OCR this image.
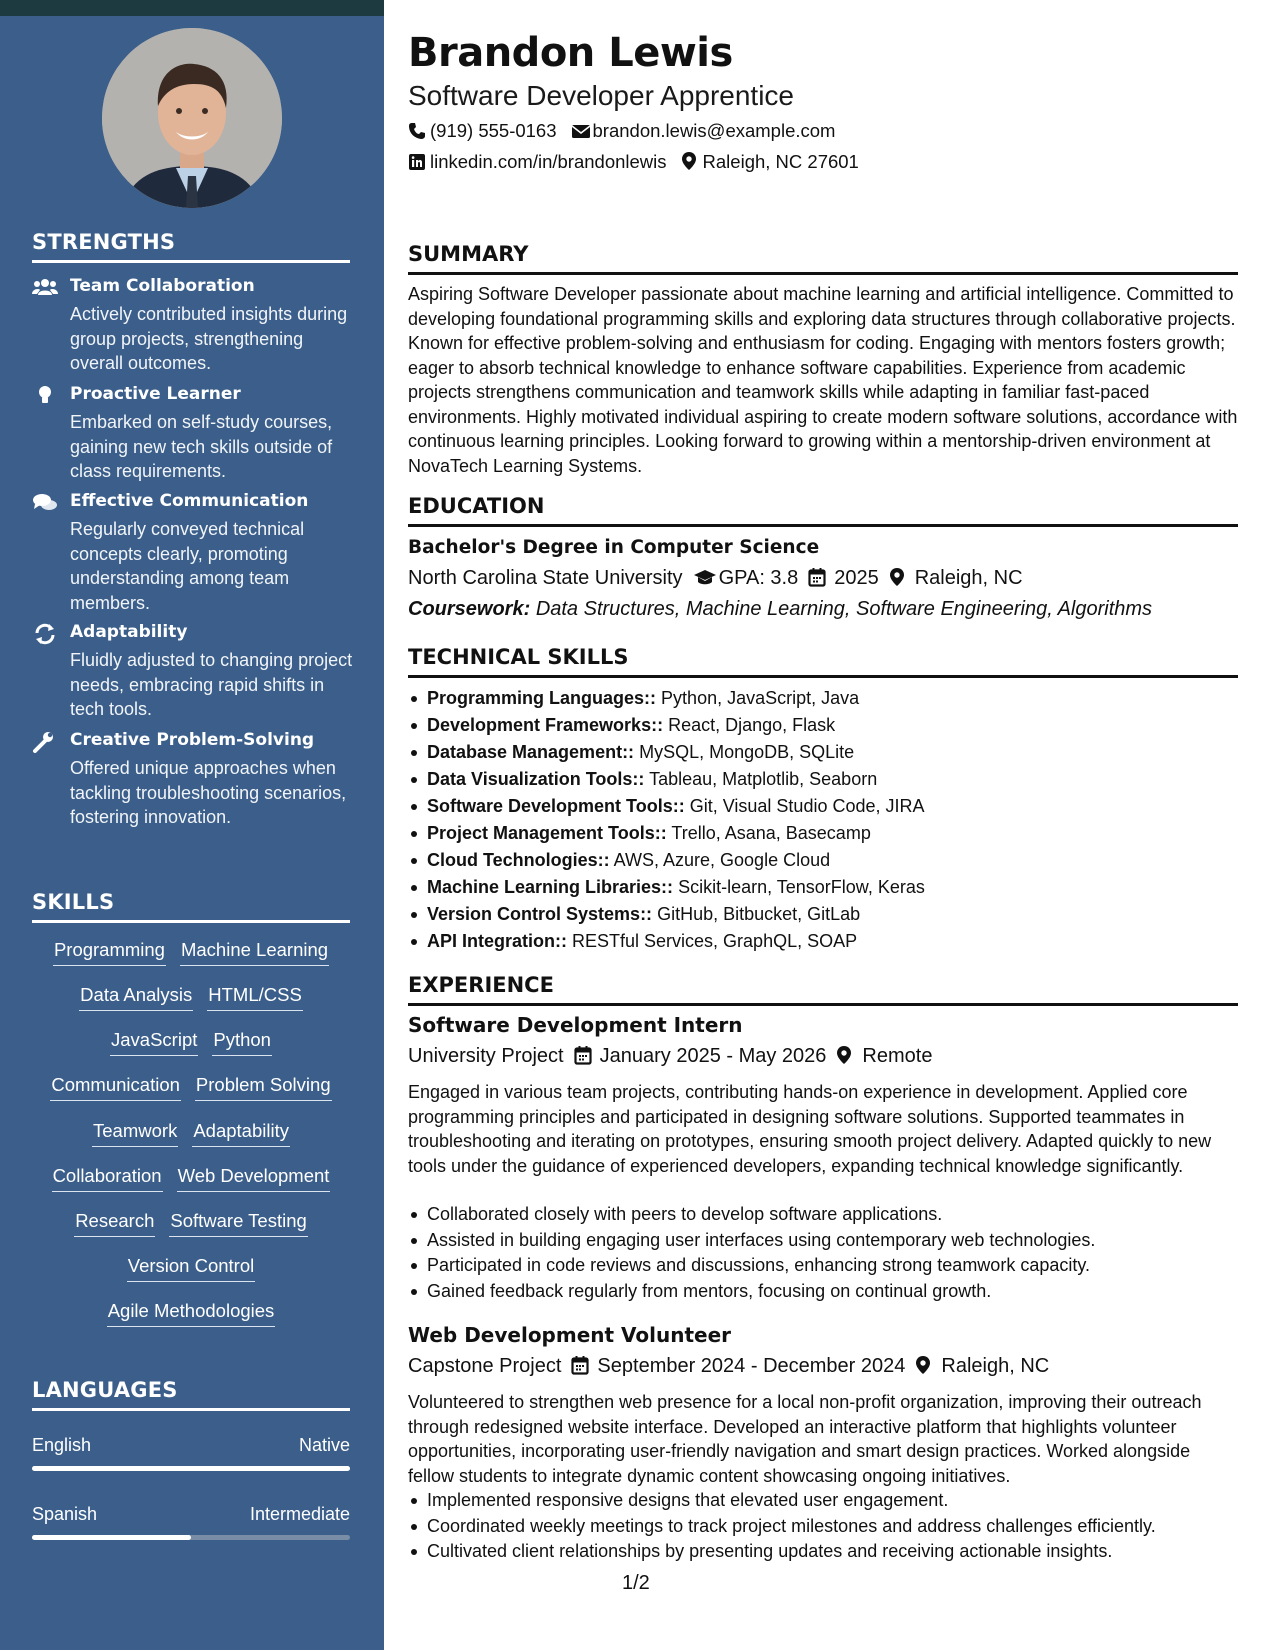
STRENGTHS
Team Collaboration
Actively contributed insights during group projects, strengthening overall outcomes.
Proactive Learner
Embarked on self-study courses, gaining new tech skills outside of class requirements.
Effective Communication
Regularly conveyed technical concepts clearly, promoting understanding among team members.
Adaptability
Fluidly adjusted to changing project needs, embracing rapid shifts in tech tools.
Creative Problem-Solving
Offered unique approaches when tackling troubleshooting scenarios, fostering innovation.
SKILLS
Programming Machine Learning
Data Analysis HTML/CSS
JavaScript Python
Communication Problem Solving
Teamwork Adaptability
Collaboration Web Development
Research Software Testing
Version Control
Agile Methodologies
LANGUAGES
English	Native
Spanish	Intermediate
Brandon Lewis
Software Developer Apprentice
(919) 555-0163 brandon.lewis@example.com
linkedin.com/in/brandonlewis Raleigh, NC 27601
SUMMARY
Aspiring Software Developer passionate about machine learning and artificial intelligence. Committed to developing foundational programming skills and exploring data structures through collaborative projects. Known for effective problem-solving and enthusiasm for coding. Engaging with mentors fosters growth; eager to absorb technical knowledge to enhance software capabilities. Experience from academic projects strengthens communication and teamwork skills while adapting in familiar fast-paced environments. Highly motivated individual aspiring to create modern software solutions, accordance with continuous learning principles. Looking forward to growing within a mentorship-driven environment at NovaTech Learning Systems.
EDUCATION
Bachelor's Degree in Computer Science
North Carolina State University GPA: 3.8 2025 Raleigh, NC
Coursework: Data Structures, Machine Learning, Software Engineering, Algorithms
TECHNICAL SKILLS
Programming Languages:: Python, JavaScript, Java
Development Frameworks:: React, Django, Flask
Database Management:: MySQL, MongoDB, SQLite
Data Visualization Tools:: Tableau, Matplotlib, Seaborn
Software Development Tools:: Git, Visual Studio Code, JIRA
Project Management Tools:: Trello, Asana, Basecamp
Cloud Technologies:: AWS, Azure, Google Cloud
Machine Learning Libraries:: Scikit-learn, TensorFlow, Keras
Version Control Systems:: GitHub, Bitbucket, GitLab
API Integration:: RESTful Services, GraphQL, SOAP
EXPERIENCE
Software Development Intern
University Project January 2025 - May 2026 Remote
Engaged in various team projects, contributing hands-on experience in development. Applied core programming principles and participated in designing software solutions. Supported teammates in troubleshooting and iterating on prototypes, ensuring smooth project delivery. Adapted quickly to new tools under the guidance of experienced developers, expanding technical knowledge significantly.
Collaborated closely with peers to develop software applications.
Assisted in building engaging user interfaces using contemporary web technologies.
Participated in code reviews and discussions, enhancing strong teamwork capacity.
Gained feedback regularly from mentors, focusing on continual growth.
Web Development Volunteer
Capstone Project September 2024 - December 2024 Raleigh, NC
Volunteered to strengthen web presence for a local non-profit organization, improving their outreach through redesigned website interface. Developed an interactive platform that highlights volunteer opportunities, incorporating user-friendly navigation and smart design practices. Worked alongside fellow students to integrate dynamic content showcasing ongoing initiatives.
Implemented responsive designs that elevated user engagement.
Coordinated weekly meetings to track project milestones and address challenges efficiently.
Cultivated client relationships by presenting updates and receiving actionable insights.
1/2
